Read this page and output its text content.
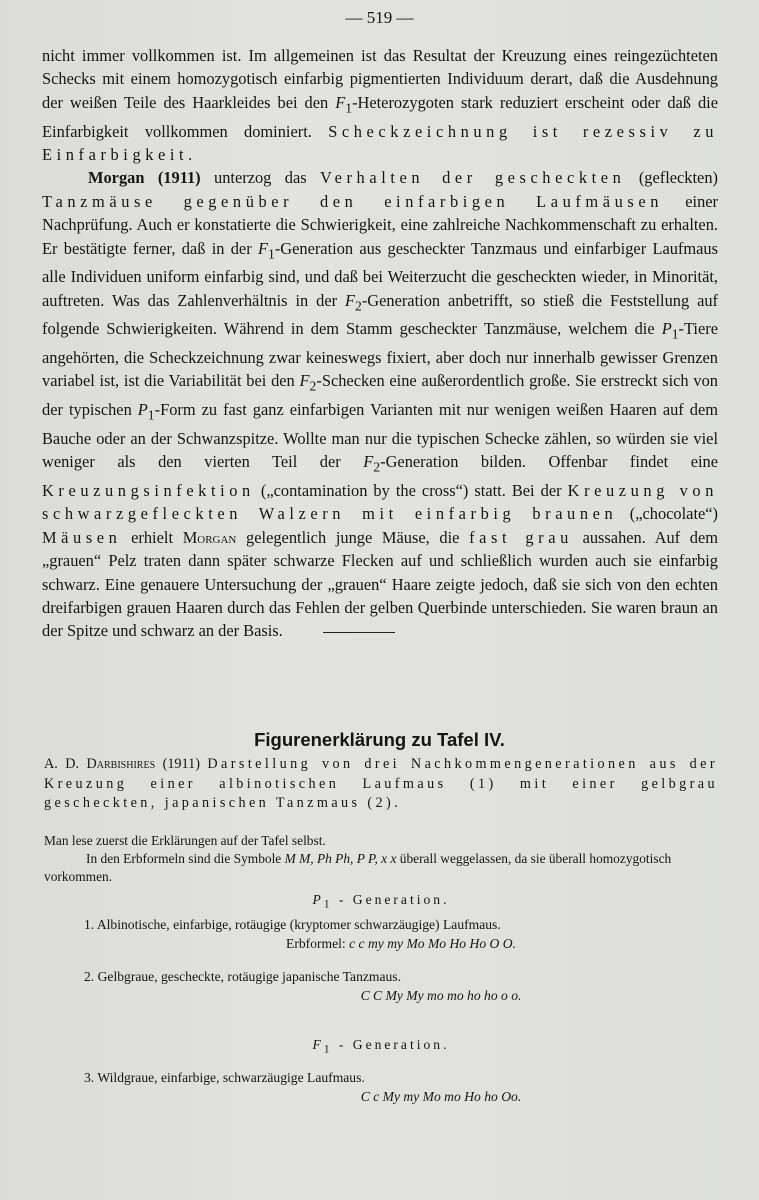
— 519 —

nicht immer vollkommen ist. Im allgemeinen ist das Resultat der Kreuzung eines reingezüchteten Schecks mit einem homozygotisch einfarbig pigmentierten Individuum derart, daß die Ausdehnung der weißen Teile des Haarkleides bei den $F_1$-Heterozygoten stark reduziert erscheint oder daß die Einfarbigkeit vollkommen dominiert. Scheckzeichnung ist rezessiv zu Einfarbigkeit.

Morgan (1911) unterzog das Verhalten der gescheckten (gefleckten) Tanzmäuse gegenüber den einfarbigen Laufmäusen einer Nachprüfung. Auch er konstatierte die Schwierigkeit, eine zahlreiche Nachkommenschaft zu erhalten. Er bestätigte ferner, daß in der $F_1$-Generation aus gescheckter Tanzmaus und einfarbiger Laufmaus alle Individuen uniform einfarbig sind, und daß bei Weiterzucht die gescheckten wieder, in Minorität, auftreten. Was das Zahlenverhältnis in der $F_2$-Generation anbetrifft, so stieß die Feststellung auf folgende Schwierigkeiten. Während in dem Stamm gescheckter Tanzmäuse, welchem die $P_1$-Tiere angehörten, die Scheckzeichnung zwar keineswegs fixiert, aber doch nur innerhalb gewisser Grenzen variabel ist, ist die Variabilität bei den $F_2$-Schecken eine außerordentlich große. Sie erstreckt sich von der typischen $P_1$-Form zu fast ganz einfarbigen Varianten mit nur wenigen weißen Haaren auf dem Bauche oder an der Schwanzspitze. Wollte man nur die typischen Schecke zählen, so würden sie viel weniger als den vierten Teil der $F_2$-Generation bilden. Offenbar findet eine Kreuzungsinfektion („contamination by the cross“) statt. Bei der Kreuzung von schwarzgefleckten Walzern mit einfarbig braunen („chocolate“) Mäusen erhielt Morgan gelegentlich junge Mäuse, die fast grau aussahen. Auf dem „grauen“ Pelz traten dann später schwarze Flecken auf und schließlich wurden auch sie einfarbig schwarz. Eine genauere Untersuchung der „grauen“ Haare zeigte jedoch, daß sie sich von den echten dreifarbigen grauen Haaren durch das Fehlen der gelben Querbinde unterschieden. Sie waren braun an der Spitze und schwarz an der Basis.

Figurenerklärung zu Tafel IV.

A. D. Darbishires (1911) Darstellung von drei Nachkommengenerationen aus der Kreuzung einer albinotischen Laufmaus (1) mit einer gelbgrau gescheckten, japanischen Tanzmaus (2).

Man lese zuerst die Erklärungen auf der Tafel selbst.

In den Erbformeln sind die Symbole M M, Ph Ph, P P, x x überall weggelassen, da sie überall homozygotisch vorkommen.

$P_1$ - Generation.

1. Albinotische, einfarbige, rotäugige (kryptomer schwarzäugige) Laufmaus.

Erbformel: c c my my Mo Mo Ho Ho O O.

2. Gelbgraue, gescheckte, rotäugige japanische Tanzmaus.

C C My My mo mo ho ho o o.

$F_1$ - Generation.

3. Wildgraue, einfarbige, schwarzäugige Laufmaus.

C c My my Mo mo Ho ho Oo.
